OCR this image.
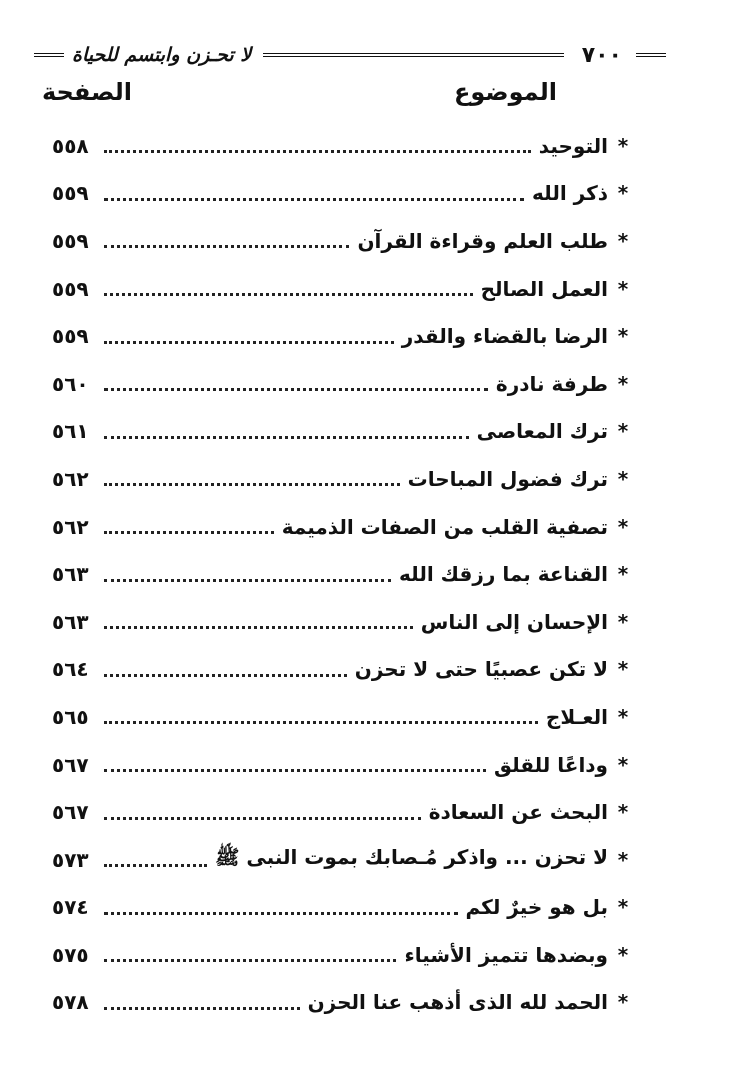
٧٠٠
لا تحـزن وابتسم للحياة
الموضوع
الصفحة
*
التوحيد
٥٥٨
*
ذكر الله
٥٥٩
*
طلب العلم وقراءة القرآن
٥٥٩
*
العمل الصالح
٥٥٩
*
الرضا بالقضاء والقدر
٥٥٩
*
طرفة نادرة
٥٦٠
*
ترك المعاصى
٥٦١
*
ترك فضول المباحات
٥٦٢
*
تصفية القلب من الصفات الذميمة
٥٦٢
*
القناعة بما رزقك الله
٥٦٣
*
الإحسان إلى الناس
٥٦٣
*
لا تكن عصبيًا حتى لا تحزن
٥٦٤
*
العـلاج
٥٦٥
*
وداعًا للقلق
٥٦٧
*
البحث عن السعادة
٥٦٧
*
لا تحزن ... واذكر مُـصابك بموت النبى ﷺ
٥٧٣
*
بل هو خيرٌ لكم
٥٧٤
*
وبضدها تتميز الأشياء
٥٧٥
*
الحمد لله الذى أذهب عنا الحزن
٥٧٨
